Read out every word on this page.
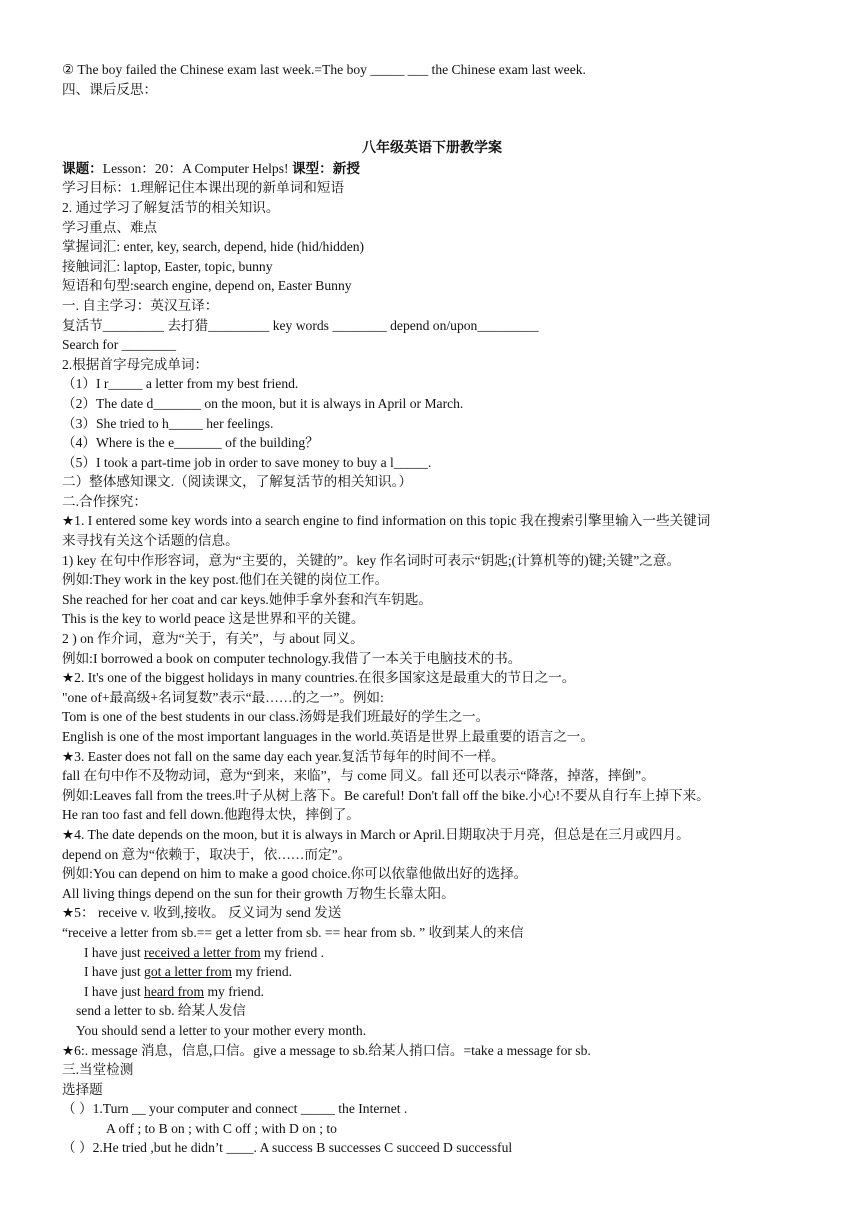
② The boy failed the Chinese exam last week.=The boy _____ ___ the Chinese exam last week.

四、课后反思：

八年级英语下册教学案

课题：Lesson：20：A Computer Helps! 课型：新授

学习目标：1.理解记住本课出现的新单词和短语

2. 通过学习了解复活节的相关知识。

学习重点、难点

掌握词汇: enter, key, search, depend, hide (hid/hidden)

接触词汇: laptop, Easter, topic, bunny

短语和句型:search engine, depend on, Easter Bunny

一. 自主学习：英汉互译：

复活节_________ 去打猎_________ key words ________ depend on/upon_________

Search for ________

2.根据首字母完成单词：

（1）I r_____ a letter from my best friend.

（2）The date d_______ on the moon, but it is always in April or March.

（3）She tried to h_____ her feelings.

（4）Where is the e_______ of the building？

（5）I took a part-time job in order to save money to buy a l_____.

二）整体感知课文.（阅读课文，了解复活节的相关知识。）

二.合作探究：

★1. I entered some key words into a search engine to find information on this topic 我在搜索引擎里输入一些关键词

来寻找有关这个话题的信息。

1) key 在句中作形容词，意为“主要的，关键的”。key 作名词时可表示“钥匙;(计算机等的)键;关键”之意。

例如:They work in the key post.他们在关键的岗位工作。

She reached for her coat and car keys.她伸手拿外套和汽车钥匙。

This is the key to world peace 这是世界和平的关键。

2 ) on 作介词，意为“关于，有关”，与 about 同义。

例如:I borrowed a book on computer technology.我借了一本关于电脑技术的书。

★2. It's one of the biggest holidays in many countries.在很多国家这是最重大的节日之一。

"one of+最高级+名词复数”表示“最……的之一”。例如:

Tom is one of the best students in our class.汤姆是我们班最好的学生之一。

English is one of the most important languages in the world.英语是世界上最重要的语言之一。

★3. Easter does not fall on the same day each year.复活节每年的时间不一样。

fall 在句中作不及物动词，意为“到来，来临”，与 come 同义。fall 还可以表示“降落，掉落，摔倒”。

例如:Leaves fall from the trees.叶子从树上落下。Be careful! Don't fall off the bike.小心!不要从自行车上掉下来。

He ran too fast and fell down.他跑得太快，摔倒了。

★4. The date depends on the moon, but it is always in March or April.日期取决于月亮，但总是在三月或四月。

depend on 意为“依赖于，取决于，依……而定”。

例如:You can depend on him to make a good choice.你可以依靠他做出好的选择。

All living things depend on the sun for their growth 万物生长靠太阳。

★5： receive v. 收到,接收。 反义词为 send 发送

“receive a letter from sb.== get a letter from sb. == hear from sb. ” 收到某人的来信

I have just received a letter from my friend .

I have just got a letter from my friend.

I have just heard from my friend.

send a letter to sb. 给某人发信

You should send a letter to your mother every month.

★6:. message 消息，信息,口信。give a message to sb.给某人捎口信。=take a message for sb.

三.当堂检测

选择题

（ ）1.Turn __ your computer and connect _____ the Internet .

A off ; to B on ; with C off ; with D on ; to

（ ）2.He tried ,but he didn’t ____. A success B successes C succeed D successful
